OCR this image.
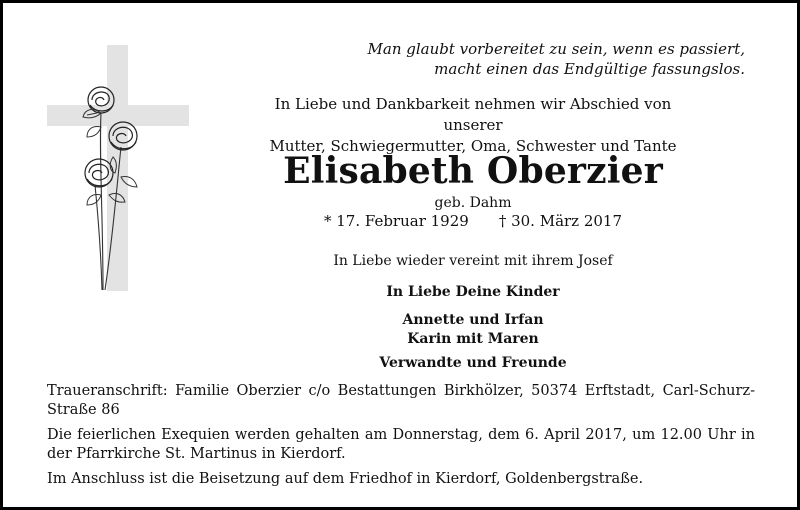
Man glaubt vorbereitet zu sein, wenn es passiert,
macht einen das Endgültige fassungslos.
In Liebe und Dankbarkeit nehmen wir Abschied von unserer
Mutter, Schwiegermutter, Oma, Schwester und Tante
Elisabeth Oberzier
geb. Dahm
* 17. Februar 1929 † 30. März 2017
In Liebe wieder vereint mit ihrem Josef
In Liebe Deine Kinder
Annette und Irfan
Karin mit Maren
Verwandte und Freunde

Traueranschrift: Familie Oberzier c/o Bestattungen Birkhölzer, 50374 Erftstadt, Carl-Schurz-Straße 86

Die feierlichen Exequien werden gehalten am Donnerstag, dem 6. April 2017, um 12.00 Uhr in der Pfarrkirche St. Martinus in Kierdorf.

Im Anschluss ist die Beisetzung auf dem Friedhof in Kierdorf, Goldenbergstraße.
